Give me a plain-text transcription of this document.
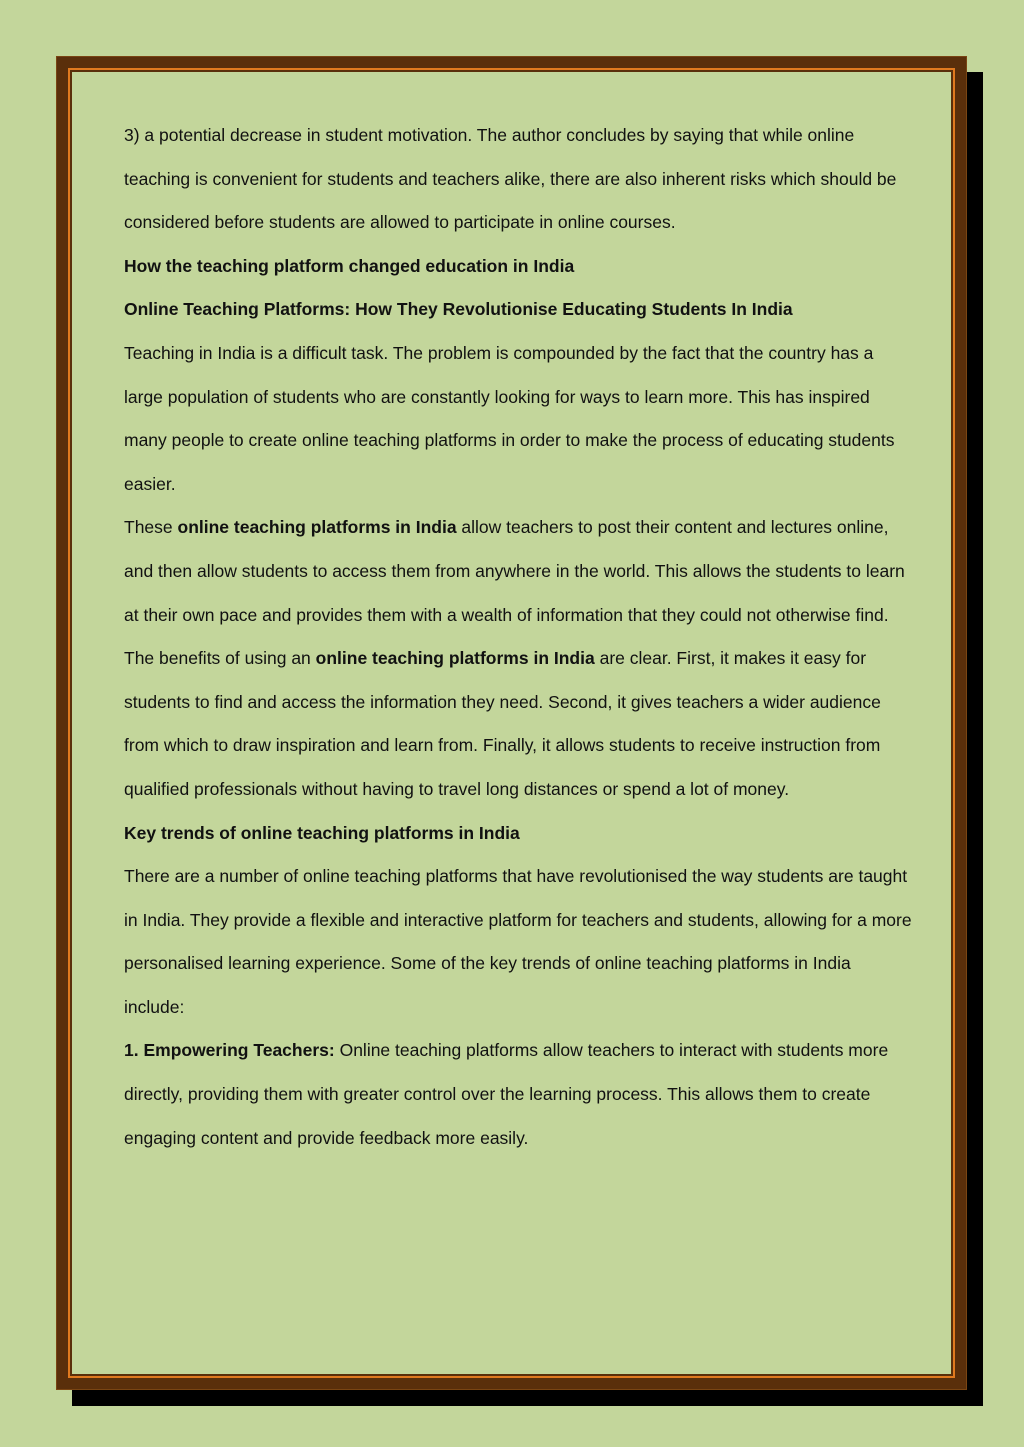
3) a potential decrease in student motivation. The author concludes by saying that while online teaching is convenient for students and teachers alike, there are also inherent risks which should be considered before students are allowed to participate in online courses.

How the teaching platform changed education in India

Online Teaching Platforms: How They Revolutionise Educating Students In India

Teaching in India is a difficult task. The problem is compounded by the fact that the country has a large population of students who are constantly looking for ways to learn more. This has inspired many people to create online teaching platforms in order to make the process of educating students easier.

These online teaching platforms in India allow teachers to post their content and lectures online, and then allow students to access them from anywhere in the world. This allows the students to learn at their own pace and provides them with a wealth of information that they could not otherwise find.

The benefits of using an online teaching platforms in India are clear. First, it makes it easy for students to find and access the information they need. Second, it gives teachers a wider audience from which to draw inspiration and learn from. Finally, it allows students to receive instruction from qualified professionals without having to travel long distances or spend a lot of money.

Key trends of online teaching platforms in India

There are a number of online teaching platforms that have revolutionised the way students are taught in India. They provide a flexible and interactive platform for teachers and students, allowing for a more personalised learning experience. Some of the key trends of online teaching platforms in India include:

1. Empowering Teachers: Online teaching platforms allow teachers to interact with students more directly, providing them with greater control over the learning process. This allows them to create engaging content and provide feedback more easily.
